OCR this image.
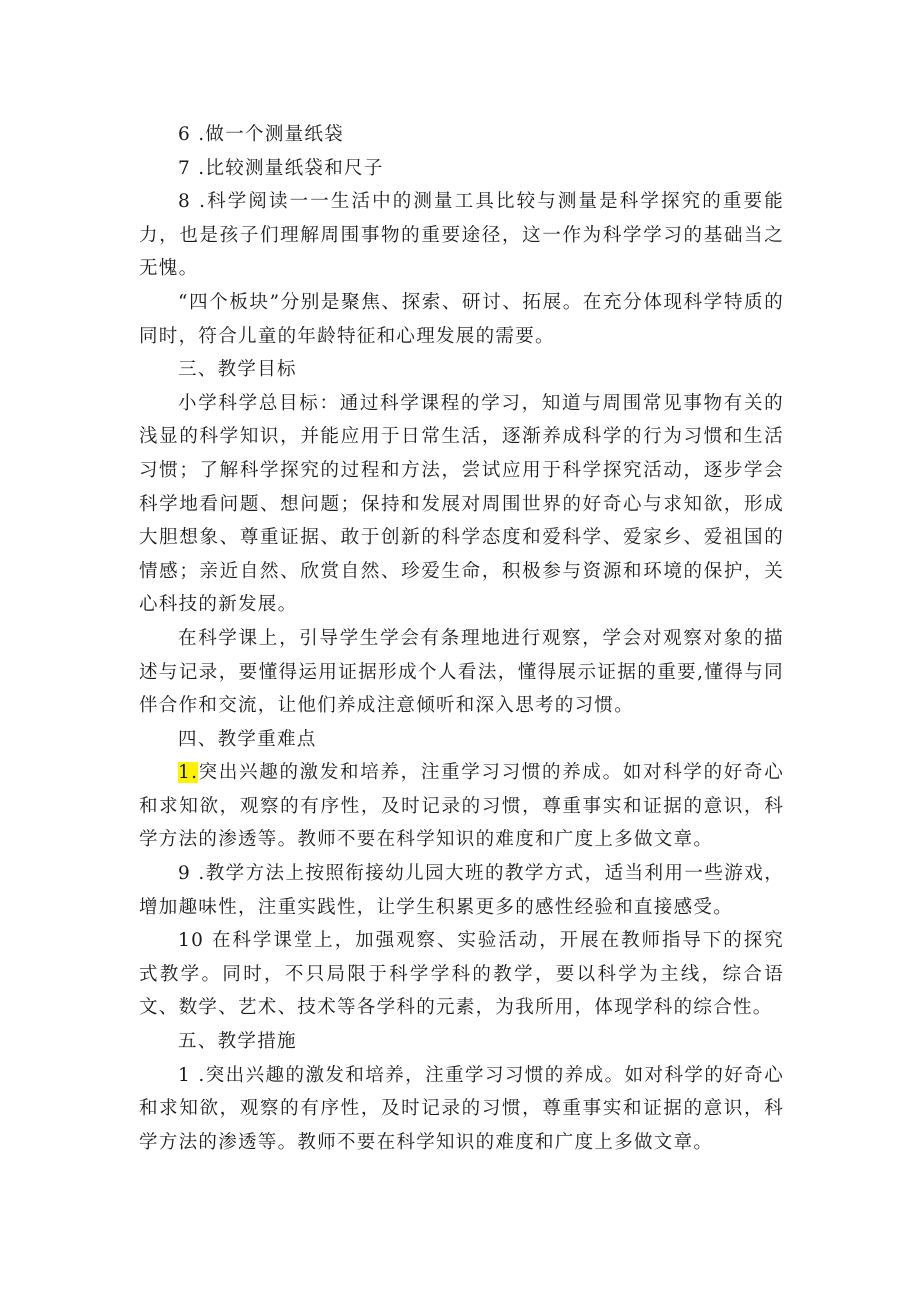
6 .做一个测量纸袋

7 .比较测量纸袋和尺子

8 .科学阅读一一生活中的测量工具比较与测量是科学探究的重要能力，也是孩子们理解周围事物的重要途径，这一作为科学学习的基础当之无愧。

“四个板块”分别是聚焦、探索、研讨、拓展。在充分体现科学特质的同时，符合儿童的年龄特征和心理发展的需要。

三、教学目标

小学科学总目标：通过科学课程的学习，知道与周围常见事物有关的浅显的科学知识，并能应用于日常生活，逐渐养成科学的行为习惯和生活习惯；了解科学探究的过程和方法，尝试应用于科学探究活动，逐步学会科学地看问题、想问题；保持和发展对周围世界的好奇心与求知欲，形成大胆想象、尊重证据、敢于创新的科学态度和爱科学、爱家乡、爱祖国的情感；亲近自然、欣赏自然、珍爱生命，积极参与资源和环境的保护，关心科技的新发展。

在科学课上，引导学生学会有条理地进行观察，学会对观察对象的描述与记录，要懂得运用证据形成个人看法，懂得展示证据的重要,懂得与同伴合作和交流，让他们养成注意倾听和深入思考的习惯。

四、教学重难点

1.突出兴趣的激发和培养，注重学习习惯的养成。如对科学的好奇心和求知欲，观察的有序性，及时记录的习惯，尊重事实和证据的意识，科学方法的渗透等。教师不要在科学知识的难度和广度上多做文章。

9 .教学方法上按照衔接幼儿园大班的教学方式，适当利用一些游戏，增加趣味性，注重实践性，让学生积累更多的感性经验和直接感受。

10 在科学课堂上，加强观察、实验活动，开展在教师指导下的探究式教学。同时，不只局限于科学学科的教学，要以科学为主线，综合语文、数学、艺术、技术等各学科的元素，为我所用，体现学科的综合性。

五、教学措施

1 .突出兴趣的激发和培养，注重学习习惯的养成。如对科学的好奇心和求知欲，观察的有序性，及时记录的习惯，尊重事实和证据的意识，科学方法的渗透等。教师不要在科学知识的难度和广度上多做文章。
